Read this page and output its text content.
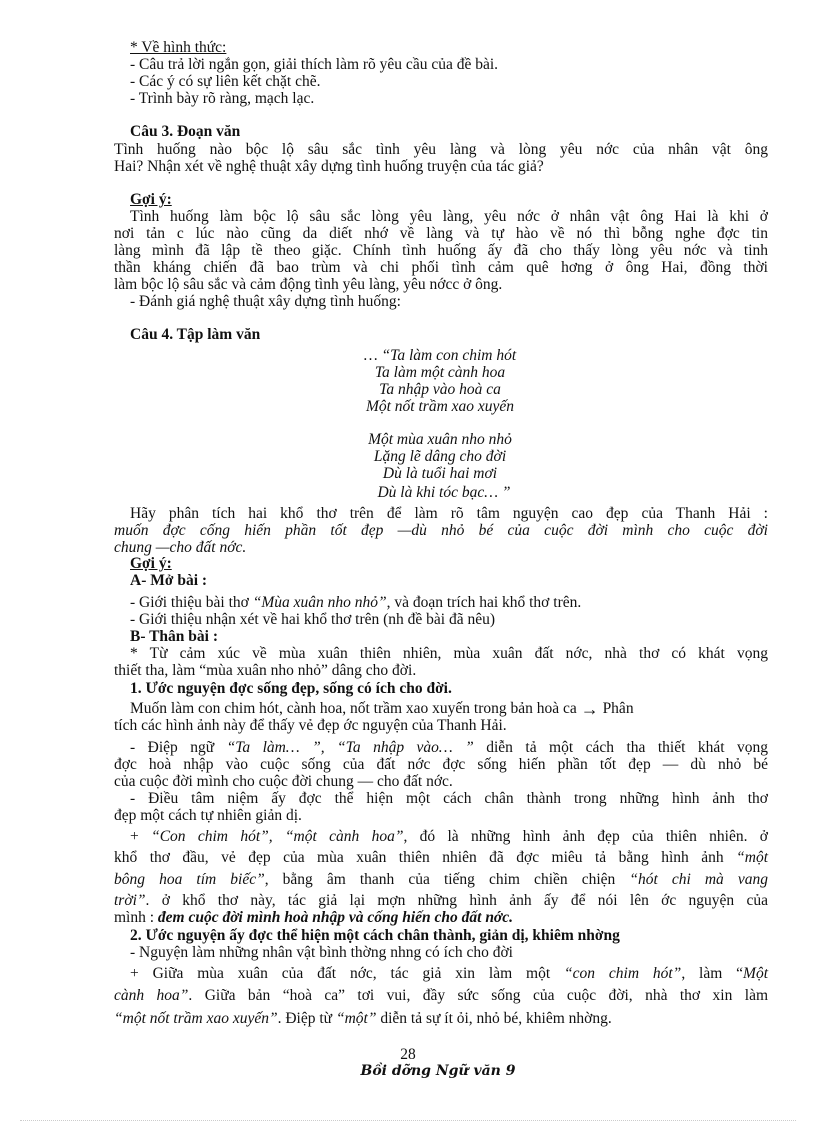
* Về hình thức:
- Câu trả lời ngắn gọn, giải thích làm rõ yêu cầu của đề bài.
- Các ý có sự liên kết chặt chẽ.
- Trình bày rõ ràng, mạch lạc.
Câu 3. Đoạn văn
Tình huống nào bộc lộ sâu sắc tình yêu làng và lòng yêu nớc của nhân vật ông
Hai? Nhận xét về nghệ thuật xây dựng tình huống truyện của tác giả?
Gợi ý:
Tình huống làm bộc lộ sâu sắc lòng yêu làng, yêu nớc ở nhân vật ông Hai là khi ở
nơi tản c lúc nào cũng da diết nhớ về làng và tự hào về nó thì bỗng nghe đợc tin
làng mình đã lập tề theo giặc. Chính tình huống ấy đã cho thấy lòng yêu nớc và tinh
thần kháng chiến đã bao trùm và chi phối tình cảm quê hơng ở ông Hai, đồng thời
làm bộc lộ sâu sắc và cảm động tình yêu làng, yêu nớcc ở ông.
- Đánh giá nghệ thuật xây dựng tình huống:
Câu 4. Tập làm văn
… “Ta làm con chim hót
Ta làm một cành hoa
Ta nhập vào hoà ca
Một nốt trầm xao xuyến
Một mùa xuân nho nhỏ
Lặng lẽ dâng cho đời
Dù là tuổi hai mơi
Dù là khi tóc bạc… ”
Hãy phân tích hai khổ thơ trên để làm rõ tâm nguyện cao đẹp của Thanh Hải :
muốn đợc cống hiến phần tốt đẹp —dù nhỏ bé của cuộc đời mình cho cuộc đời
chung —cho đất nớc.
Gợi ý:
A- Mở bài :
- Giới thiệu bài thơ “Mùa xuân nho nhỏ”, và đoạn trích hai khổ thơ trên.
- Giới thiệu nhận xét về hai khổ thơ trên (nh đề bài đã nêu)
B- Thân bài :
* Từ cảm xúc về mùa xuân thiên nhiên, mùa xuân đất nớc, nhà thơ có khát vọng
thiết tha, làm “mùa xuân nho nhỏ” dâng cho đời.
1. Ước nguyện đợc sống đẹp, sống có ích cho đời.
Muốn làm con chim hót, cành hoa, nốt trầm xao xuyến trong bản hoà ca → Phân
tích các hình ảnh này để thấy vẻ đẹp ớc nguyện của Thanh Hải.
- Điệp ngữ “Ta làm… ”, “Ta nhập vào… ” diễn tả một cách tha thiết khát vọng
đợc hoà nhập vào cuộc sống của đất nớc đợc sống hiến phần tốt đẹp — dù nhỏ bé
của cuộc đời mình cho cuộc đời chung — cho đất nớc.
- Điều tâm niệm ấy đợc thể hiện một cách chân thành trong những hình ảnh thơ
đẹp một cách tự nhiên giản dị.
+ “Con chim hót”, “một cành hoa”, đó là những hình ảnh đẹp của thiên nhiên. ở
khổ thơ đầu, vẻ đẹp của mùa xuân thiên nhiên đã đợc miêu tả bằng hình ảnh “một
bông hoa tím biếc”, bằng âm thanh của tiếng chim chiền chiện “hót chi mà vang
trời”. ở khổ thơ này, tác giả lại mợn những hình ảnh ấy để nói lên ớc nguyện của
mình : đem cuộc đời mình hoà nhập và cống hiến cho đất nớc.
2. Ước nguyện ấy đợc thể hiện một cách chân thành, giản dị, khiêm nhờng
- Nguyện làm những nhân vật bình thờng nhng có ích cho đời
+ Giữa mùa xuân của đất nớc, tác giả xin làm một “con chim hót”, làm “Một
cành hoa”. Giữa bản “hoà ca” tơi vui, đầy sức sống của cuộc đời, nhà thơ xin làm
“một nốt trầm xao xuyến”. Điệp từ “một” diễn tả sự ít ỏi, nhỏ bé, khiêm nhờng.
28
Bồi dỡng Ngữ văn 9
